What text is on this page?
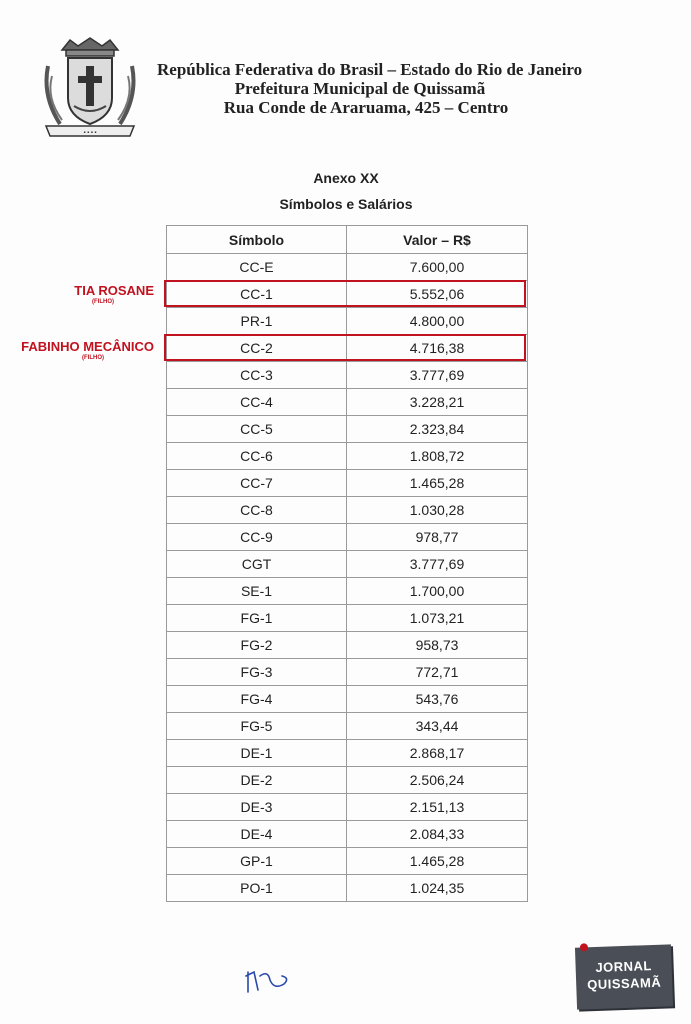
▪ ▪ ▪ ▪
República Federativa do Brasil – Estado do Rio de Janeiro
Prefeitura Municipal de Quissamã
Rua Conde de Araruama, 425 – Centro
Anexo XX
Símbolos e Salários
Símbolo	Valor – R$
CC-E	7.600,00
CC-1	5.552,06
PR-1	4.800,00
CC-2	4.716,38
CC-3	3.777,69
CC-4	3.228,21
CC-5	2.323,84
CC-6	1.808,72
CC-7	1.465,28
CC-8	1.030,28
CC-9	978,77
CGT	3.777,69
SE-1	1.700,00
FG-1	1.073,21
FG-2	958,73
FG-3	772,71
FG-4	543,76
FG-5	343,44
DE-1	2.868,17
DE-2	2.506,24
DE-3	2.151,13
DE-4	2.084,33
GP-1	1.465,28
PO-1	1.024,35
TIA ROSANE
(FILHO)
FABINHO MECÂNICO
(FILHO)
JORNAL
QUISSAMÃ
